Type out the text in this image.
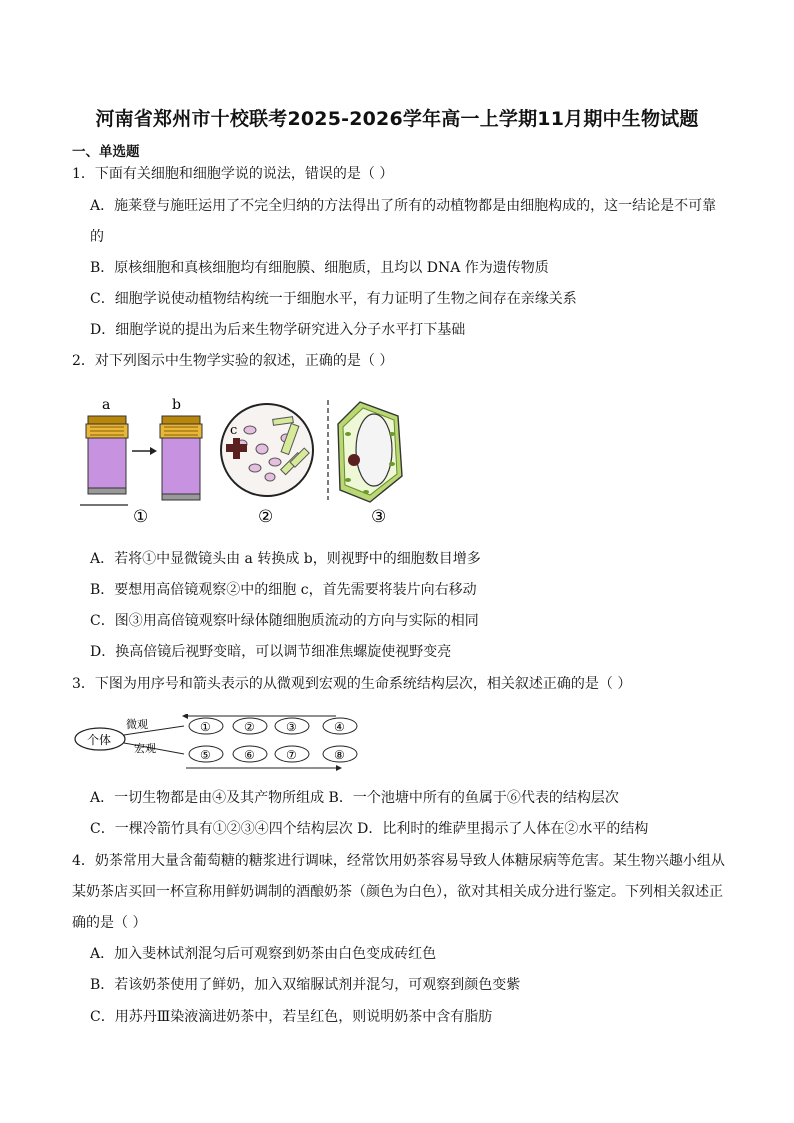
河南省郑州市十校联考2025-2026学年高一上学期11月期中生物试题
一、单选题
1．下面有关细胞和细胞学说的说法，错误的是（ ）
A．施莱登与施旺运用了不完全归纳的方法得出了所有的动植物都是由细胞构成的，这一结论是不可靠
的
B．原核细胞和真核细胞均有细胞膜、细胞质，且均以 DNA 作为遗传物质
C．细胞学说使动植物结构统一于细胞水平，有力证明了生物之间存在亲缘关系
D．细胞学说的提出为后来生物学研究进入分子水平打下基础
2．对下列图示中生物学实验的叙述，正确的是（ ）
a	b
①
c
②	③
A．若将①中显微镜头由 a 转换成 b，则视野中的细胞数目增多
B．要想用高倍镜观察②中的细胞 c，首先需要将装片向右移动
C．图③用高倍镜观察叶绿体随细胞质流动的方向与实际的相同
D．换高倍镜后视野变暗，可以调节细准焦螺旋使视野变亮
3．下图为用序号和箭头表示的从微观到宏观的生命系统结构层次，相关叙述正确的是（ ）
个体
微观
宏观
①	②	③	④
⑤	⑥	⑦	⑧
A．一切生物都是由④及其产物所组成 B．一个池塘中所有的鱼属于⑥代表的结构层次
C．一棵冷箭竹具有①②③④四个结构层次 D．比利时的维萨里揭示了人体在②水平的结构
4．奶茶常用大量含葡萄糖的糖浆进行调味，经常饮用奶茶容易导致人体糖尿病等危害。某生物兴趣小组从
某奶茶店买回一杯宣称用鲜奶调制的酒酿奶茶（颜色为白色），欲对其相关成分进行鉴定。下列相关叙述正
确的是（ ）
A．加入斐林试剂混匀后可观察到奶茶由白色变成砖红色
B．若该奶茶使用了鲜奶，加入双缩脲试剂并混匀，可观察到颜色变紫
C．用苏丹Ⅲ染液滴进奶茶中，若呈红色，则说明奶茶中含有脂肪
